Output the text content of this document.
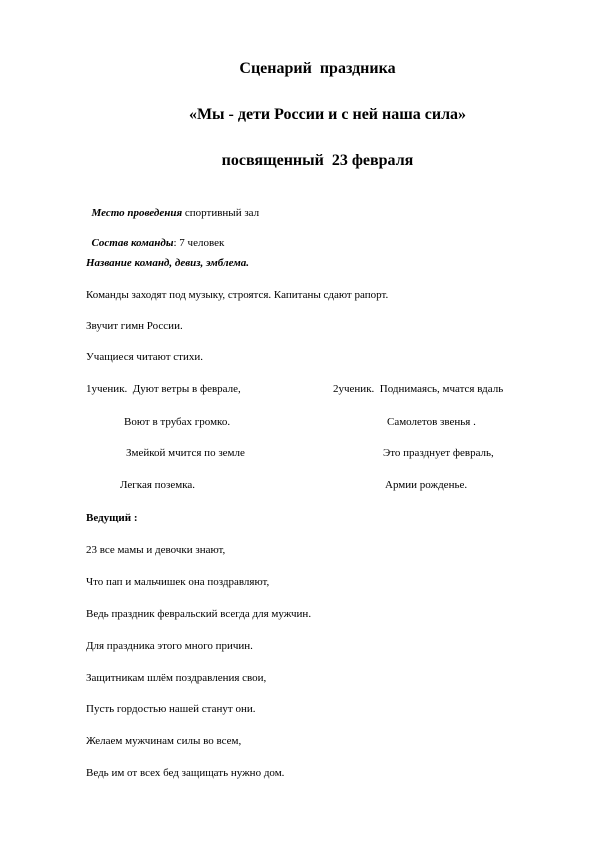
Сценарий  праздника
«Мы - дети России и с ней наша сила»
посвященный  23 февраля

Место проведения спортивный зал

Состав команды: 7 человек

Название команд, девиз, эмблема.

Команды заходят под музыку, строятся. Капитаны сдают рапорт.

Звучит гимн России.

Учащиеся читают стихи.

1ученик.  Дуют ветры в феврале,

Воют в трубах громко.

Змейкой мчится по земле

Легкая поземка.

2ученик.  Поднимаясь, мчатся вдаль

Самолетов звенья .

Это празднует февраль,

Армии рожденье.

Ведущий :

23 все мамы и девочки знают,

Что пап и мальчишек она поздравляют,

Ведь праздник февральский всегда для мужчин.

Для праздника этого много причин.

Защитникам шлём поздравления свои,

Пусть гордостью нашей станут они.

Желаем мужчинам силы во всем,

Ведь им от всех бед защищать нужно дом.
